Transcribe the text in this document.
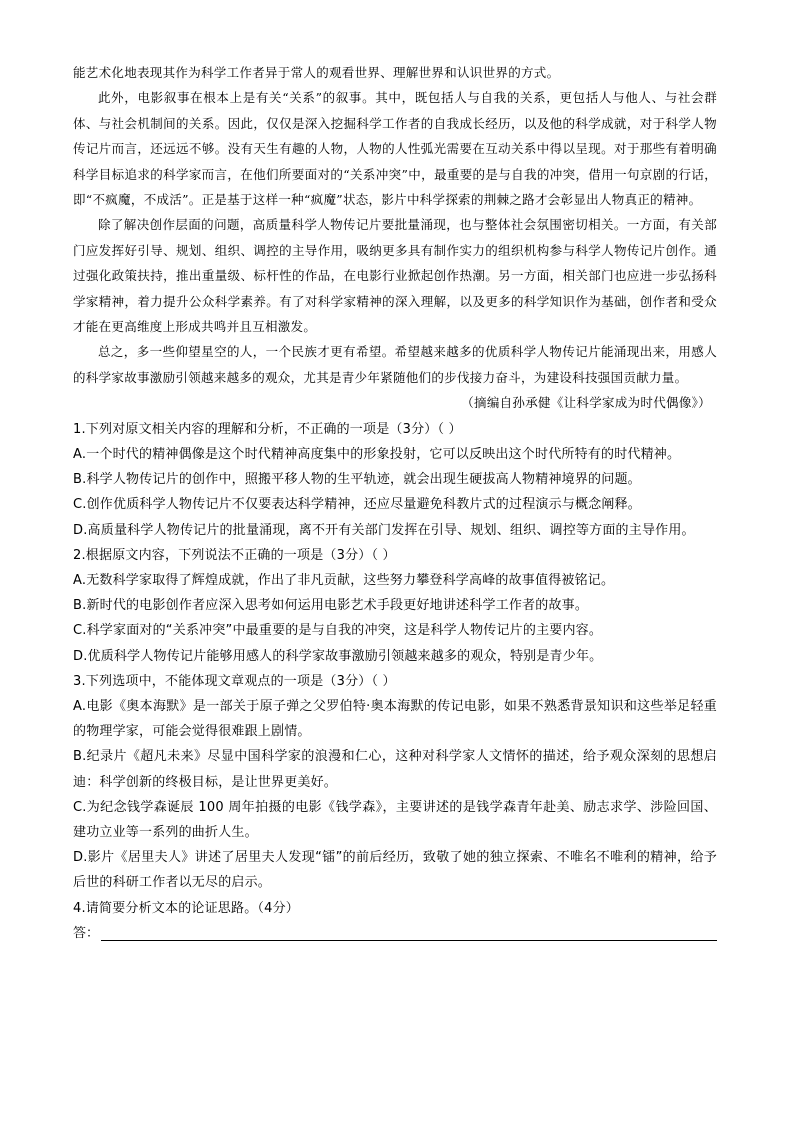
能艺术化地表现其作为科学工作者异于常人的观看世界、理解世界和认识世界的方式。

此外，电影叙事在根本上是有关“关系”的叙事。其中，既包括人与自我的关系，更包括人与他人、与社会群体、与社会机制间的关系。因此，仅仅是深入挖掘科学工作者的自我成长经历，以及他的科学成就，对于科学人物传记片而言，还远远不够。没有天生有趣的人物，人物的人性弧光需要在互动关系中得以呈现。对于那些有着明确科学目标追求的科学家而言，在他们所要面对的“关系冲突”中，最重要的是与自我的冲突，借用一句京剧的行话，即“不疯魔，不成活”。正是基于这样一种“疯魔”状态，影片中科学探索的荆棘之路才会彰显出人物真正的精神。

除了解决创作层面的问题，高质量科学人物传记片要批量涌现，也与整体社会氛围密切相关。一方面，有关部门应发挥好引导、规划、组织、调控的主导作用，吸纳更多具有制作实力的组织机构参与科学人物传记片创作。通过强化政策扶持，推出重量级、标杆性的作品，在电影行业掀起创作热潮。另一方面，相关部门也应进一步弘扬科学家精神，着力提升公众科学素养。有了对科学家精神的深入理解，以及更多的科学知识作为基础，创作者和受众才能在更高维度上形成共鸣并且互相激发。

总之，多一些仰望星空的人，一个民族才更有希望。希望越来越多的优质科学人物传记片能涌现出来，用感人的科学家故事激励引领越来越多的观众，尤其是青少年紧随他们的步伐接力奋斗，为建设科技强国贡献力量。

（摘编自孙承健《让科学家成为时代偶像》）

1.下列对原文相关内容的理解和分析，不正确的一项是（3分）（ ）

A.一个时代的精神偶像是这个时代精神高度集中的形象投射，它可以反映出这个时代所特有的时代精神。

B.科学人物传记片的创作中，照搬平移人物的生平轨迹，就会出现生硬拔高人物精神境界的问题。

C.创作优质科学人物传记片不仅要表达科学精神，还应尽量避免科教片式的过程演示与概念阐释。

D.高质量科学人物传记片的批量涌现，离不开有关部门发挥在引导、规划、组织、调控等方面的主导作用。

2.根据原文内容，下列说法不正确的一项是（3分）（ ）

A.无数科学家取得了辉煌成就，作出了非凡贡献，这些努力攀登科学高峰的故事值得被铭记。

B.新时代的电影创作者应深入思考如何运用电影艺术手段更好地讲述科学工作者的故事。

C.科学家面对的“关系冲突”中最重要的是与自我的冲突，这是科学人物传记片的主要内容。

D.优质科学人物传记片能够用感人的科学家故事激励引领越来越多的观众，特别是青少年。

3.下列选项中，不能体现文章观点的一项是（3分）（ ）

A.电影《奥本海默》是一部关于原子弹之父罗伯特·奥本海默的传记电影，如果不熟悉背景知识和这些举足轻重的物理学家，可能会觉得很难跟上剧情。

B.纪录片《超凡未来》尽显中国科学家的浪漫和仁心，这种对科学家人文情怀的描述，给予观众深刻的思想启迪：科学创新的终极目标，是让世界更美好。

C.为纪念钱学森诞辰 100 周年拍摄的电影《钱学森》，主要讲述的是钱学森青年赴美、励志求学、涉险回国、建功立业等一系列的曲折人生。

D.影片《居里夫人》讲述了居里夫人发现“镭”的前后经历，致敬了她的独立探索、不唯名不唯利的精神，给予后世的科研工作者以无尽的启示。

4.请简要分析文本的论证思路。（4分）

答：
